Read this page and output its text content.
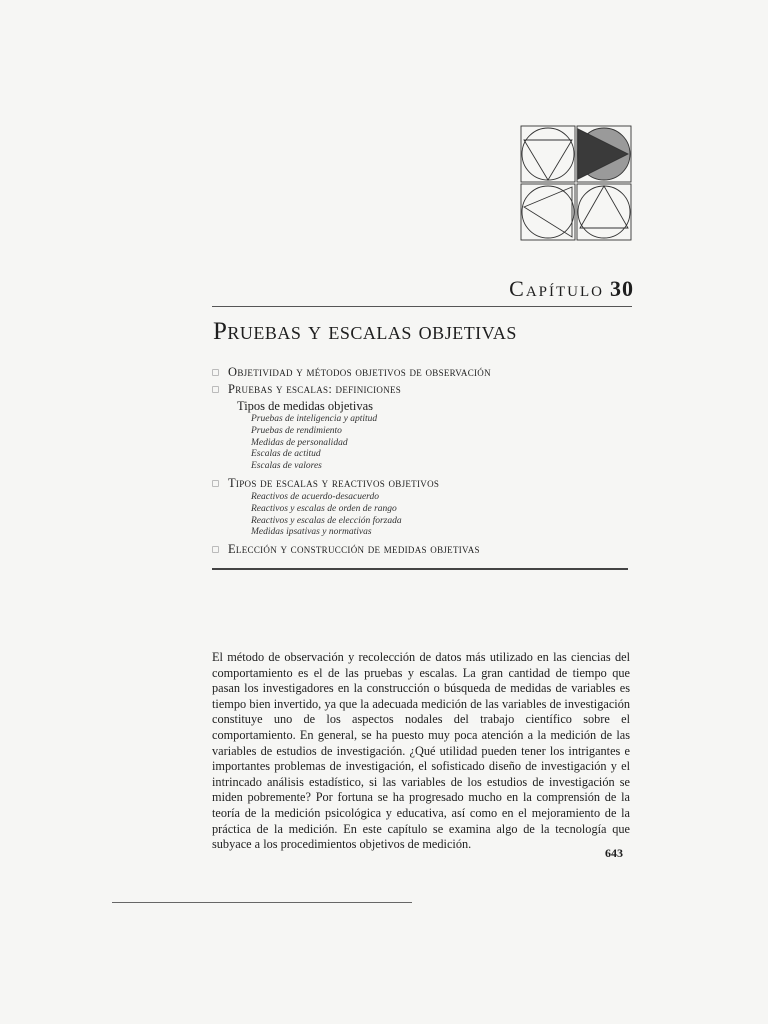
Capítulo 30
Pruebas y escalas objetivas
Objetividad y métodos objetivos de observación
Pruebas y escalas: definiciones
Tipos de medidas objetivas
Pruebas de inteligencia y aptitud
Pruebas de rendimiento
Medidas de personalidad
Escalas de actitud
Escalas de valores
Tipos de escalas y reactivos objetivos
Reactivos de acuerdo-desacuerdo
Reactivos y escalas de orden de rango
Reactivos y escalas de elección forzada
Medidas ipsativas y normativas
Elección y construcción de medidas objetivas
El método de observación y recolección de datos más utilizado en las ciencias del comportamiento es el de las pruebas y escalas. La gran cantidad de tiempo que pasan los investigadores en la construcción o búsqueda de medidas de variables es tiempo bien invertido, ya que la adecuada medición de las variables de investigación constituye uno de los aspectos nodales del trabajo científico sobre el comportamiento. En general, se ha puesto muy poca atención a la medición de las variables de estudios de investigación. ¿Qué utilidad pueden tener los intrigantes e importantes problemas de investigación, el sofisticado diseño de investigación y el intrincado análisis estadístico, si las variables de los estudios de investigación se miden pobremente? Por fortuna se ha progresado mucho en la comprensión de la teoría de la medición psicológica y educativa, así como en el mejoramiento de la práctica de la medición. En este capítulo se examina algo de la tecnología que subyace a los procedimientos objetivos de medición.
643
